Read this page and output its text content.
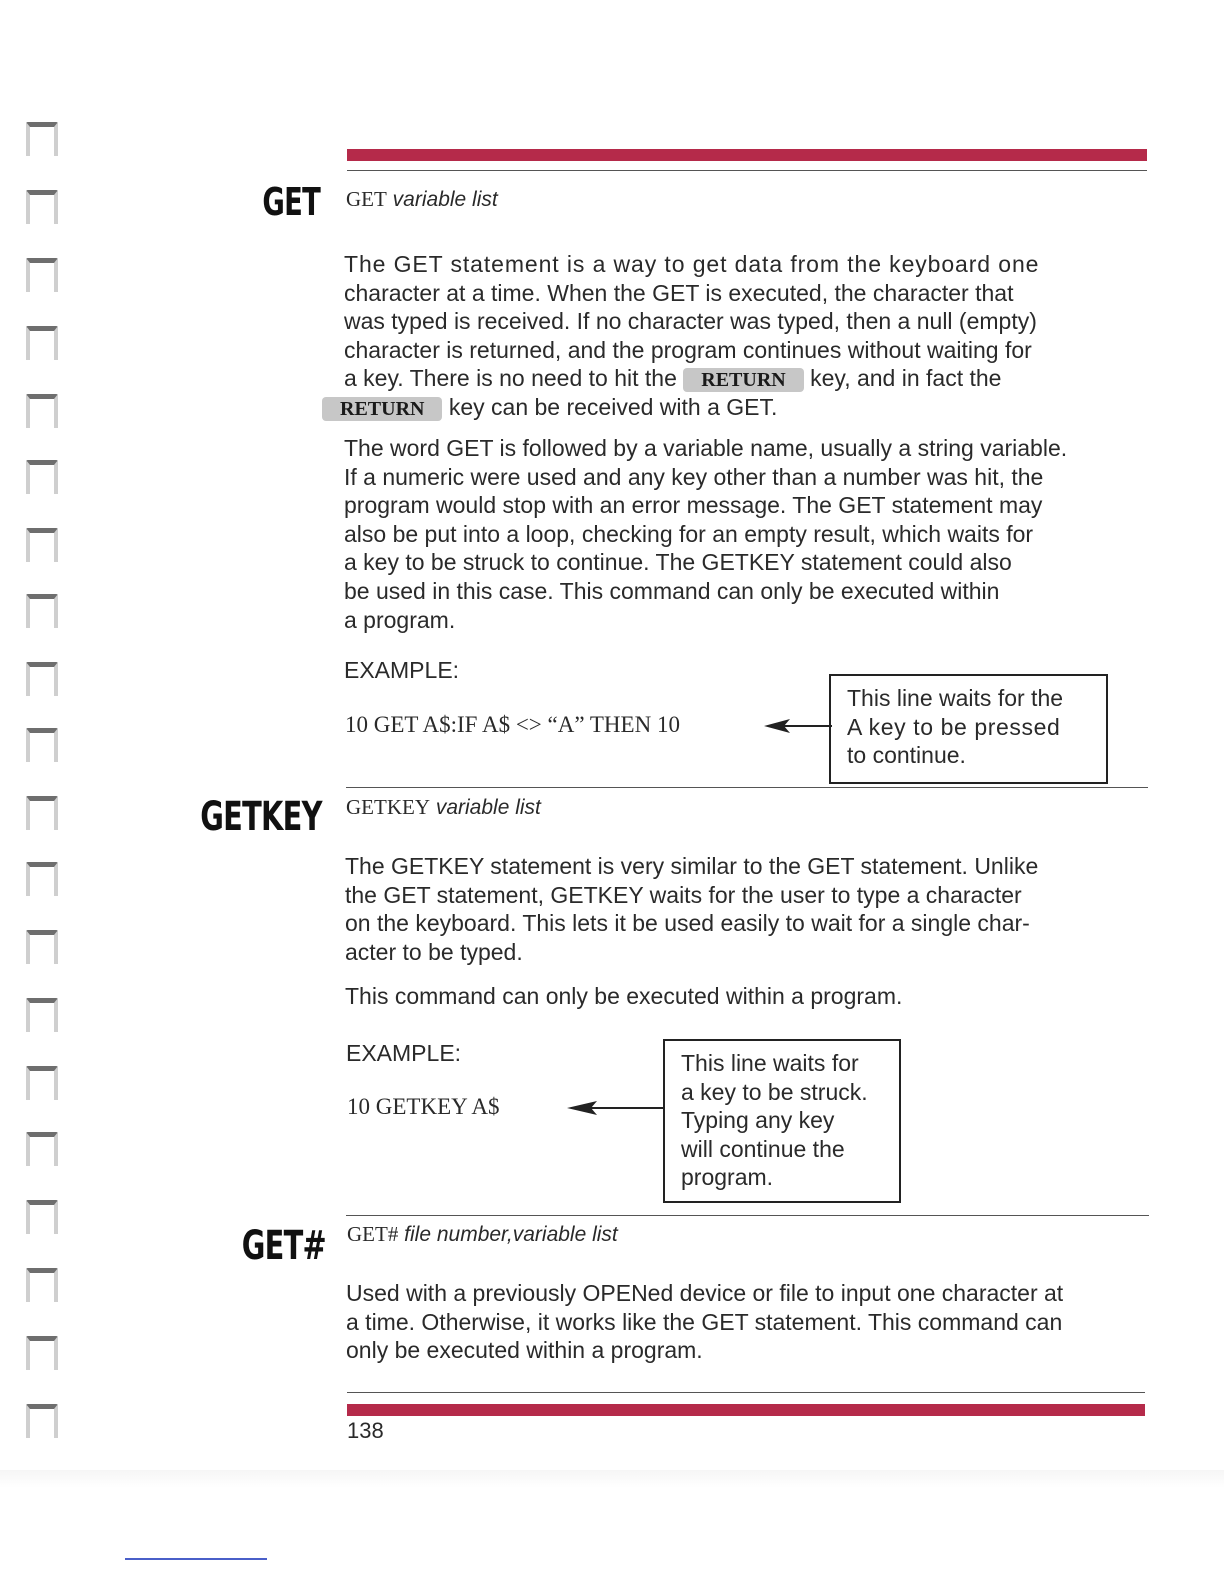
GET GET variable list
The GET statement is a way to get data from the keyboard one
character at a time. When the GET is executed, the character that
was typed is received. If no character was typed, then a null (empty)
character is returned, and the program continues without waiting for
a key. There is no need to hit the RETURN key, and in fact the
RETURN key can be received with a GET.
The word GET is followed by a variable name, usually a string variable.
If a numeric were used and any key other than a number was hit, the
program would stop with an error message. The GET statement may
also be put into a loop, checking for an empty result, which waits for
a key to be struck to continue. The GETKEY statement could also
be used in this case. This command can only be executed within
a program.
EXAMPLE:
10 GET A$:IF A$ <> “A” THEN 10
This line waits for the
A key to be pressed
to continue.
GETKEY GETKEY variable list
The GETKEY statement is very similar to the GET statement. Unlike
the GET statement, GETKEY waits for the user to type a character
on the keyboard. This lets it be used easily to wait for a single char-
acter to be typed.
This command can only be executed within a program.
EXAMPLE:
10 GETKEY A$
This line waits for
a key to be struck.
Typing any key
will continue the
program.
GET# GET# file number,variable list
Used with a previously OPENed device or file to input one character at
a time. Otherwise, it works like the GET statement. This command can
only be executed within a program.
138
